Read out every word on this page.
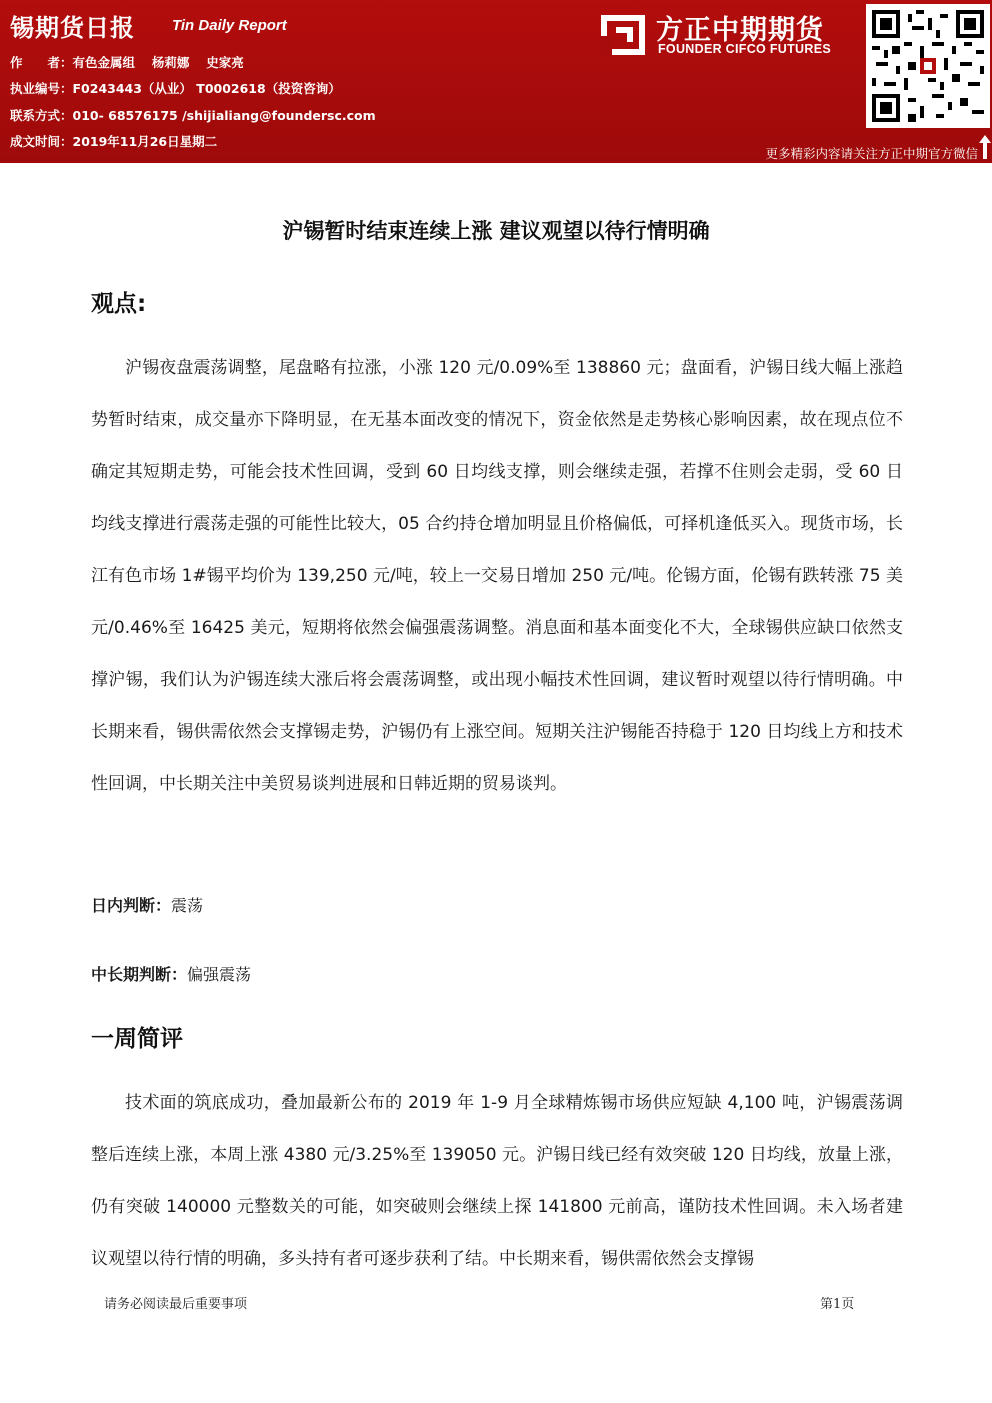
锡期货日报 Tin Daily Report
作　　者：有色金属组　 杨莉娜　 史家亮
执业编号：F0243443（从业） T0002618（投资咨询）
联系方式：010- 68576175 /shijialiang@foundersc.com
成文时间：2019年11月26日星期二
方正中期期货
FOUNDER CIFCO FUTURES
更多精彩内容请关注方正中期官方微信
沪锡暂时结束连续上涨 建议观望以待行情明确
观点:

沪锡夜盘震荡调整，尾盘略有拉涨，小涨 120 元/0.09%至 138860 元；盘面看，沪锡日线大幅上涨趋势暂时结束，成交量亦下降明显，在无基本面改变的情况下，资金依然是走势核心影响因素，故在现点位不确定其短期走势，可能会技术性回调，受到 60 日均线支撑，则会继续走强，若撑不住则会走弱，受 60 日均线支撑进行震荡走强的可能性比较大，05 合约持仓增加明显且价格偏低，可择机逢低买入。现货市场，长江有色市场 1#锡平均价为 139,250 元/吨，较上一交易日增加 250 元/吨。伦锡方面，伦锡有跌转涨 75 美元/0.46%至 16425 美元，短期将依然会偏强震荡调整。消息面和基本面变化不大，全球锡供应缺口依然支撑沪锡，我们认为沪锡连续大涨后将会震荡调整，或出现小幅技术性回调，建议暂时观望以待行情明确。中长期来看，锡供需依然会支撑锡走势，沪锡仍有上涨空间。短期关注沪锡能否持稳于 120 日均线上方和技术性回调，中长期关注中美贸易谈判进展和日韩近期的贸易谈判。

日内判断：震荡
中长期判断：偏强震荡
一周简评

技术面的筑底成功，叠加最新公布的 2019 年 1-9 月全球精炼锡市场供应短缺 4,100 吨，沪锡震荡调整后连续上涨，本周上涨 4380 元/3.25%至 139050 元。沪锡日线已经有效突破 120 日均线，放量上涨，仍有突破 140000 元整数关的可能，如突破则会继续上探 141800 元前高，谨防技术性回调。未入场者建议观望以待行情的明确，多头持有者可逐步获利了结。中长期来看，锡供需依然会支撑锡

请务必阅读最后重要事项	第1页
